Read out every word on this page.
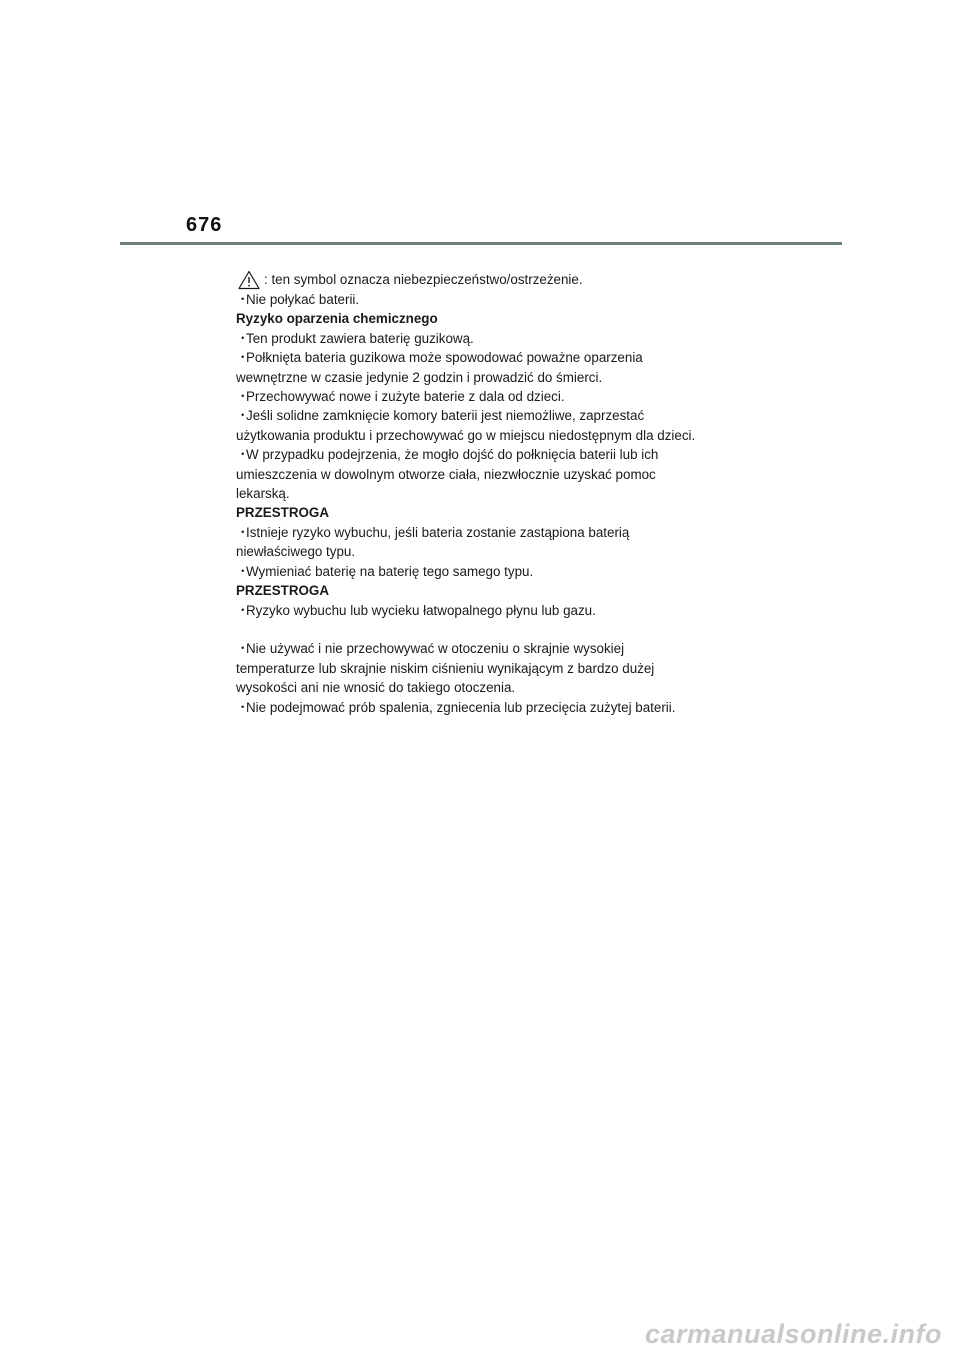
676
: ten symbol oznacza niebezpieczeństwo/ostrzeżenie.
・Nie połykać baterii.
Ryzyko oparzenia chemicznego
・Ten produkt zawiera baterię guzikową.
・Połknięta bateria guzikowa może spowodować poważne oparzenia
wewnętrzne w czasie jedynie 2 godzin i prowadzić do śmierci.
・Przechowywać nowe i zużyte baterie z dala od dzieci.
・Jeśli solidne zamknięcie komory baterii jest niemożliwe, zaprzestać
użytkowania produktu i przechowywać go w miejscu niedostępnym dla dzieci.
・W przypadku podejrzenia, że mogło dojść do połknięcia baterii lub ich
umieszczenia w dowolnym otworze ciała, niezwłocznie uzyskać pomoc
lekarską.
PRZESTROGA
・Istnieje ryzyko wybuchu, jeśli bateria zostanie zastąpiona baterią
niewłaściwego typu.
・Wymieniać baterię na baterię tego samego typu.
PRZESTROGA
・Ryzyko wybuchu lub wycieku łatwopalnego płynu lub gazu.
・Nie używać i nie przechowywać w otoczeniu o skrajnie wysokiej
temperaturze lub skrajnie niskim ciśnieniu wynikającym z bardzo dużej
wysokości ani nie wnosić do takiego otoczenia.
・Nie podejmować prób spalenia, zgniecenia lub przecięcia zużytej baterii.
carmanualsonline.info
